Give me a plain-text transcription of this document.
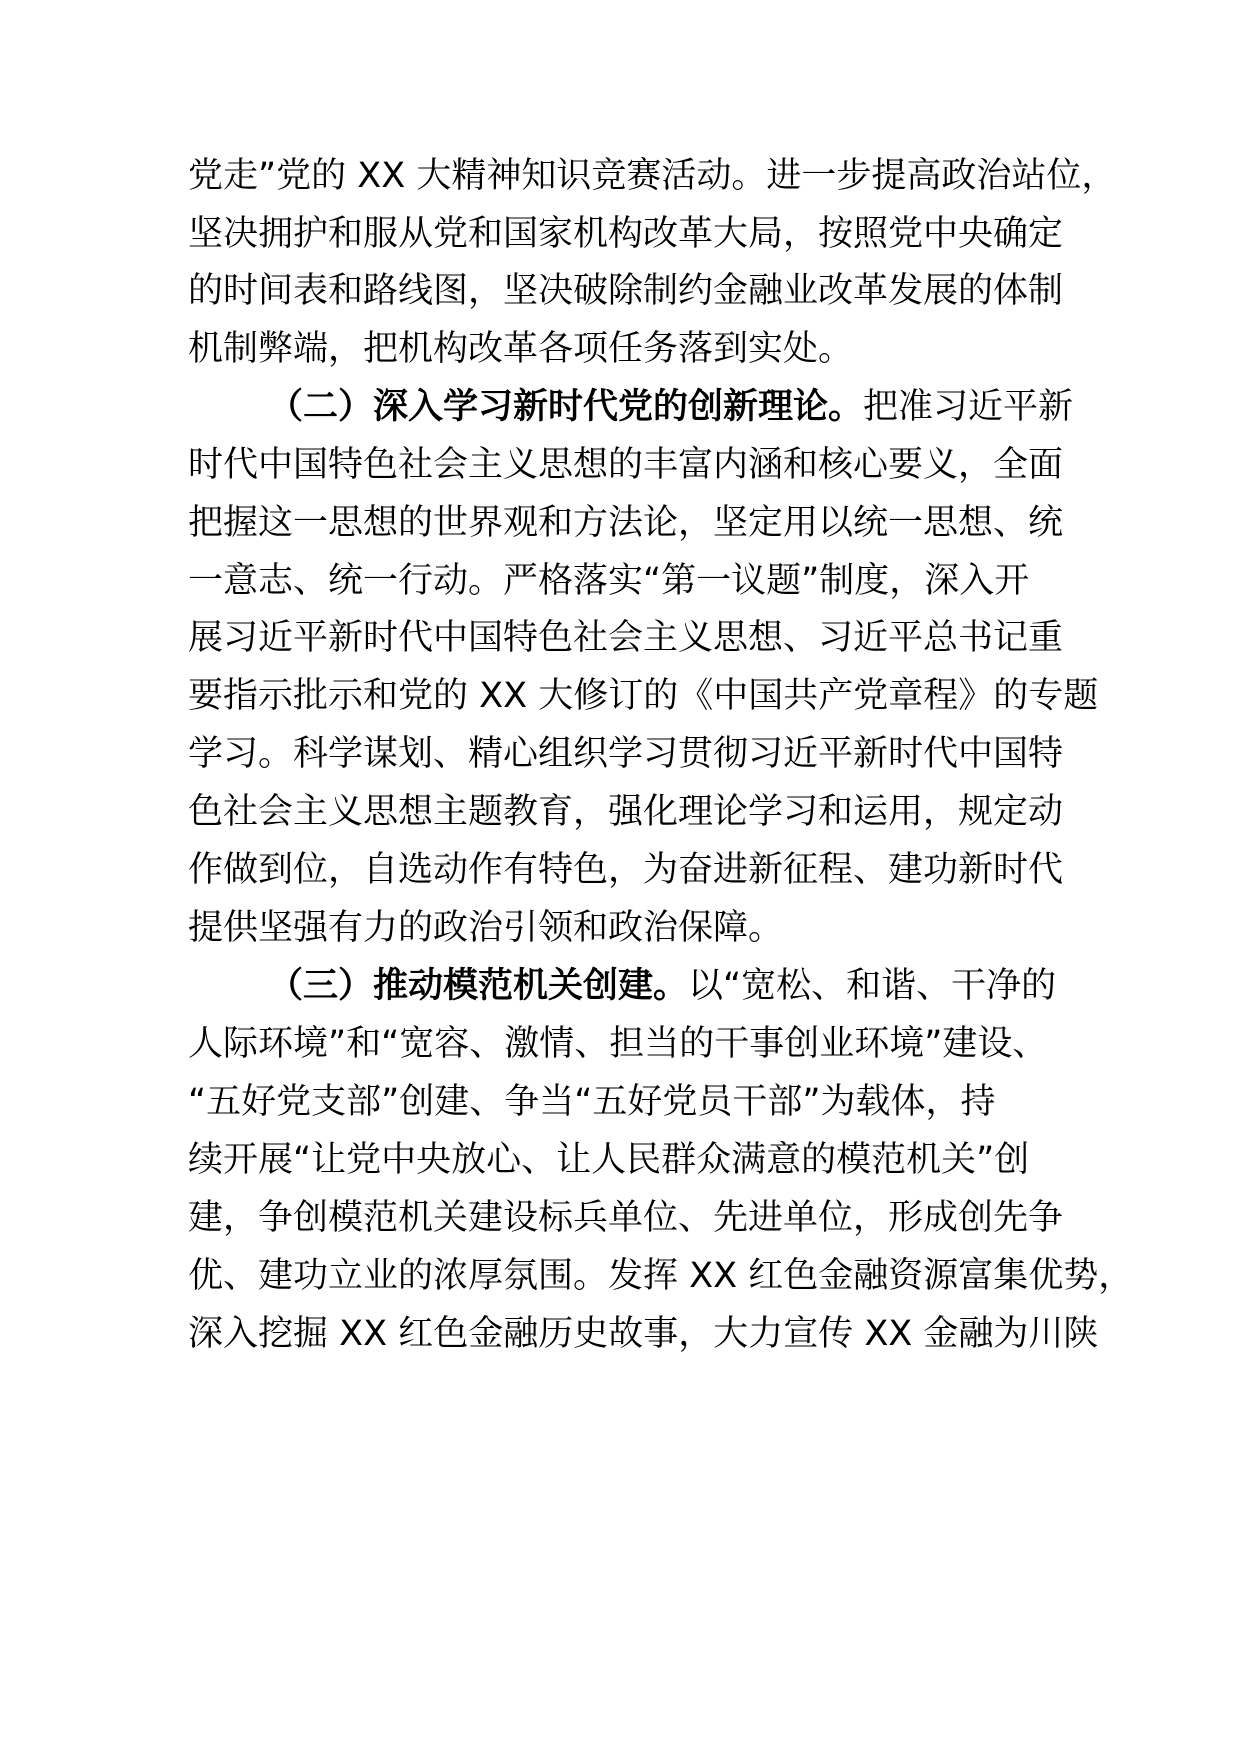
党走”党的 XX 大精神知识竞赛活动。进一步提高政治站位，
坚决拥护和服从党和国家机构改革大局，按照党中央确定
的时间表和路线图，坚决破除制约金融业改革发展的体制
机制弊端，把机构改革各项任务落到实处。
（二）深入学习新时代党的创新理论。把准习近平新
时代中国特色社会主义思想的丰富内涵和核心要义，全面
把握这一思想的世界观和方法论，坚定用以统一思想、统
一意志、统一行动。严格落实“第一议题”制度，深入开
展习近平新时代中国特色社会主义思想、习近平总书记重
要指示批示和党的 XX 大修订的《中国共产党章程》的专题
学习。科学谋划、精心组织学习贯彻习近平新时代中国特
色社会主义思想主题教育，强化理论学习和运用，规定动
作做到位，自选动作有特色，为奋进新征程、建功新时代
提供坚强有力的政治引领和政治保障。
（三）推动模范机关创建。以“宽松、和谐、干净的
人际环境”和“宽容、激情、担当的干事创业环境”建设、
“五好党支部”创建、争当“五好党员干部”为载体，持
续开展“让党中央放心、让人民群众满意的模范机关”创
建，争创模范机关建设标兵单位、先进单位，形成创先争
优、建功立业的浓厚氛围。发挥 XX 红色金融资源富集优势，
深入挖掘 XX 红色金融历史故事，大力宣传 XX 金融为川陕
